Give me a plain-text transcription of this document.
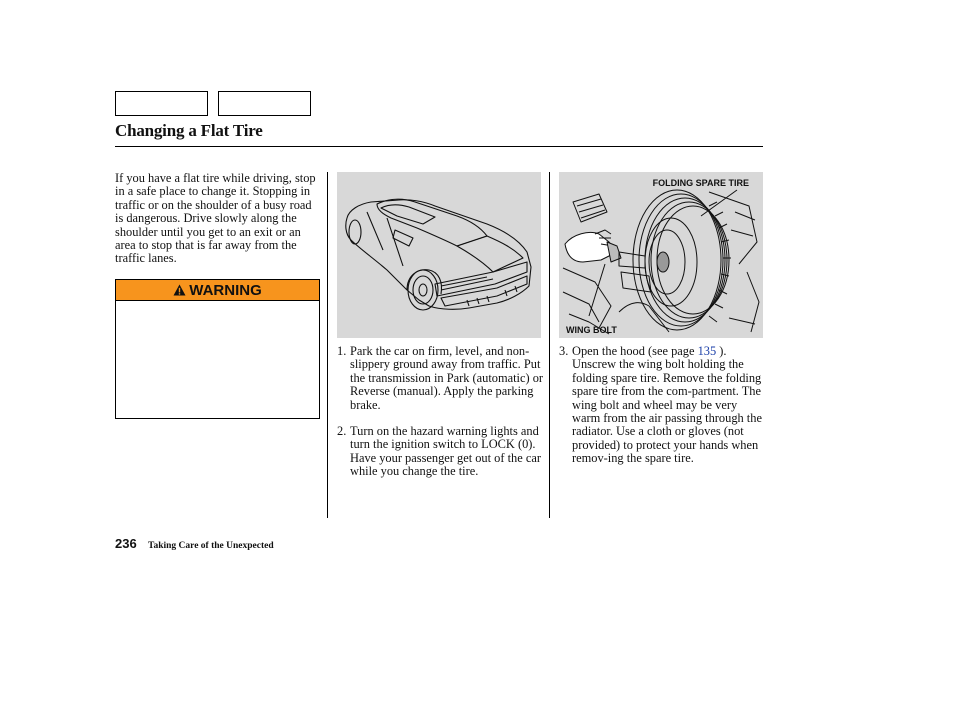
Changing a Flat Tire
If you have a flat tire while driving, stop in a safe place to change it. Stopping in traffic or on the shoulder of a busy road is dangerous. Drive slowly along the shoulder until you get to an exit or an area to stop that is far away from the traffic lanes.
WARNING
FOLDING SPARE TIRE
WING BOLT
1. Park the car on firm, level, and non-slippery ground away from traffic. Put the transmission in Park (automatic) or Reverse (manual). Apply the parking brake.
2. Turn on the hazard warning lights and turn the ignition switch to LOCK (0). Have your passenger get out of the car while you change the tire.
3. Open the hood (see page 135 ). Unscrew the wing bolt holding the folding spare tire. Remove the folding spare tire from the com-partment. The wing bolt and wheel may be very warm from the air passing through the radiator. Use a cloth or gloves (not provided) to protect your hands when remov-ing the spare tire.
236 Taking Care of the Unexpected
